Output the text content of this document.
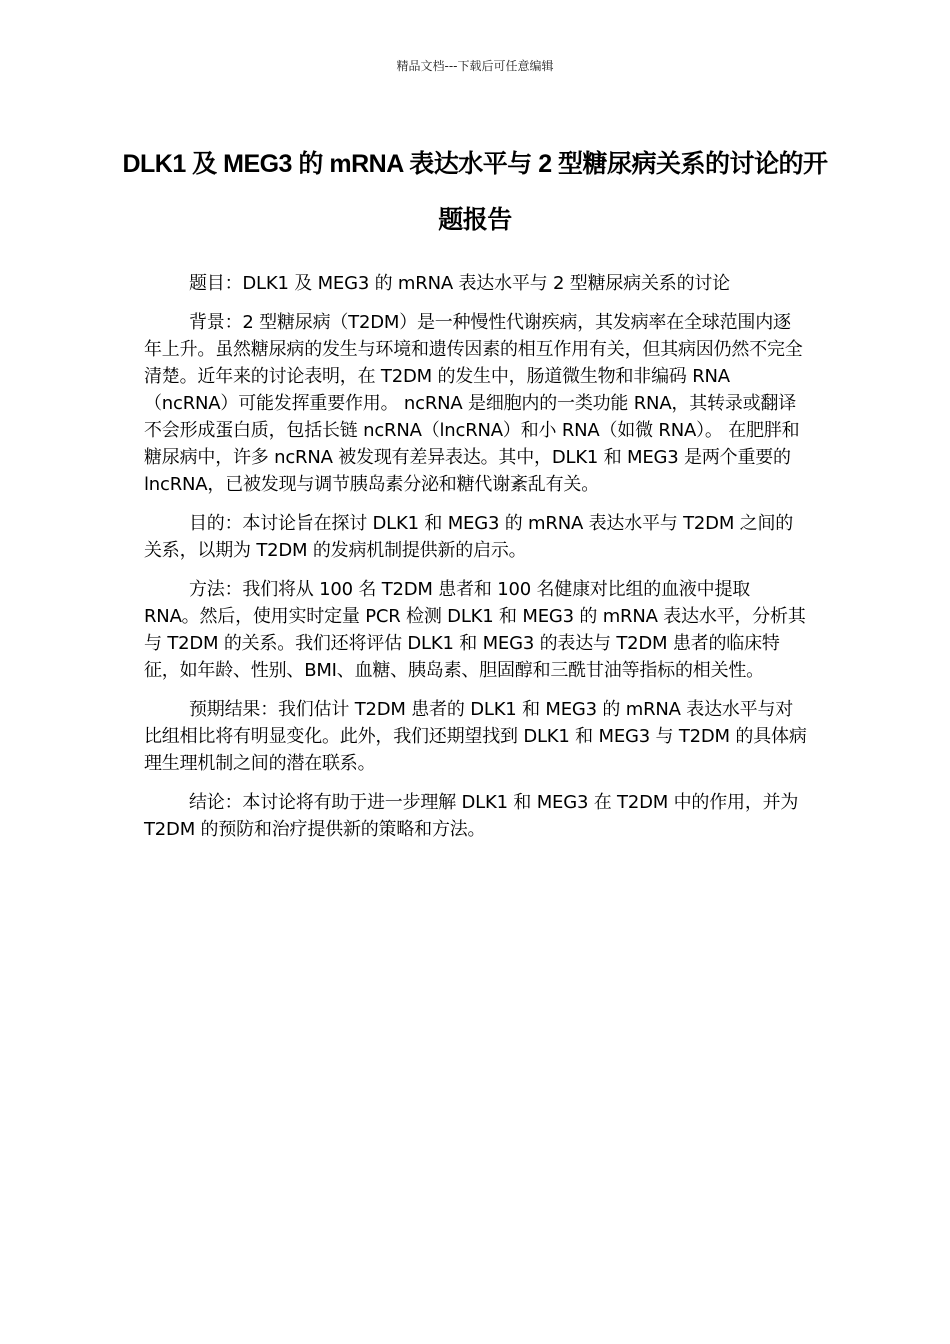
精品文档---下载后可任意编辑
DLK1 及 MEG3 的 mRNA 表达水平与 2 型糖尿病关系的讨论的开题报告

题目：DLK1 及 MEG3 的 mRNA 表达水平与 2 型糖尿病关系的讨论

背景：2 型糖尿病（T2DM）是一种慢性代谢疾病，其发病率在全球范围内逐年上升。虽然糖尿病的发生与环境和遗传因素的相互作用有关，但其病因仍然不完全清楚。近年来的讨论表明，在 T2DM 的发生中，肠道微生物和非编码 RNA（ncRNA）可能发挥重要作用。 ncRNA 是细胞内的一类功能 RNA，其转录或翻译不会形成蛋白质，包括长链 ncRNA（lncRNA）和小 RNA（如微 RNA）。 在肥胖和糖尿病中，许多 ncRNA 被发现有差异表达。其中，DLK1 和 MEG3 是两个重要的 lncRNA，已被发现与调节胰岛素分泌和糖代谢紊乱有关。

目的：本讨论旨在探讨 DLK1 和 MEG3 的 mRNA 表达水平与 T2DM 之间的关系，以期为 T2DM 的发病机制提供新的启示。

方法：我们将从 100 名 T2DM 患者和 100 名健康对比组的血液中提取 RNA。然后，使用实时定量 PCR 检测 DLK1 和 MEG3 的 mRNA 表达水平，分析其与 T2DM 的关系。我们还将评估 DLK1 和 MEG3 的表达与 T2DM 患者的临床特征，如年龄、性别、BMI、血糖、胰岛素、胆固醇和三酰甘油等指标的相关性。

预期结果：我们估计 T2DM 患者的 DLK1 和 MEG3 的 mRNA 表达水平与对比组相比将有明显变化。此外，我们还期望找到 DLK1 和 MEG3 与 T2DM 的具体病理生理机制之间的潜在联系。

结论：本讨论将有助于进一步理解 DLK1 和 MEG3 在 T2DM 中的作用，并为 T2DM 的预防和治疗提供新的策略和方法。
